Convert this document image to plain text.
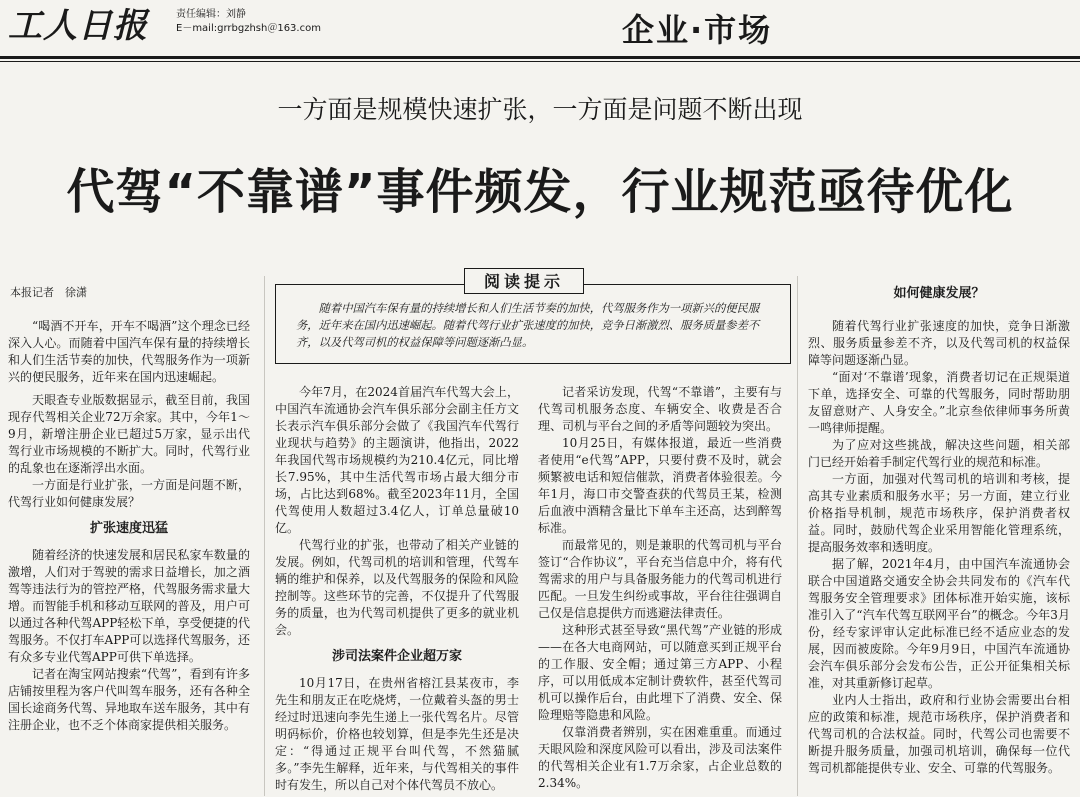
工人日报	责任编辑：刘静
E－mail:grrbgzhsh＠163.com	企业·市场
一方面是规模快速扩张，一方面是问题不断出现
代驾“不靠谱”事件频发，行业规范亟待优化
阅读提示
随着中国汽车保有量的持续增长和人们生活节奏的加快，代驾服务作为一项新兴的便民服务，近年来在国内迅速崛起。随着代驾行业扩张速度的加快，竞争日渐激烈、服务质量参差不齐，以及代驾司机的权益保障等问题逐渐凸显。
本报记者　徐潇

“喝酒不开车，开车不喝酒”这个理念已经深入人心。而随着中国汽车保有量的持续增长和人们生活节奏的加快，代驾服务作为一项新兴的便民服务，近年来在国内迅速崛起。

天眼查专业版数据显示，截至目前，我国现存代驾相关企业72万余家。其中，今年1～9月，新增注册企业已超过5万家，显示出代驾行业市场规模的不断扩大。同时，代驾行业的乱象也在逐渐浮出水面。

一方面是行业扩张，一方面是问题不断，代驾行业如何健康发展？

扩张速度迅猛

随着经济的快速发展和居民私家车数量的激增，人们对于驾驶的需求日益增长，加之酒驾等违法行为的管控严格，代驾服务需求量大增。而智能手机和移动互联网的普及，用户可以通过各种代驾APP轻松下单，享受便捷的代驾服务。不仅打车APP可以选择代驾服务，还有众多专业代驾APP可供下单选择。

记者在淘宝网站搜索“代驾”，看到有许多店铺按里程为客户代叫驾车服务，还有各种全国长途商务代驾、异地取车送车服务，其中有注册企业，也不乏个体商家提供相关服务。

今年7月，在2024首届汽车代驾大会上，中国汽车流通协会汽车俱乐部分会副主任方文长表示汽车俱乐部分会做了《我国汽车代驾行业现状与趋势》的主题演讲，他指出，2022年我国代驾市场规模约为210.4亿元，同比增长7.95%，其中生活代驾市场占最大细分市场，占比达到68%。截至2023年11月，全国代驾使用人数超过3.4亿人，订单总量破10亿。

代驾行业的扩张，也带动了相关产业链的发展。例如，代驾司机的培训和管理，代驾车辆的维护和保养，以及代驾服务的保险和风险控制等。这些环节的完善，不仅提升了代驾服务的质量，也为代驾司机提供了更多的就业机会。

涉司法案件企业超万家

10月17日，在贵州省榕江县某夜市，李先生和朋友正在吃烧烤，一位戴着头盔的男士经过时迅速向李先生递上一张代驾名片。尽管明码标价，价格也较划算，但是李先生还是决定：“得通过正规平台叫代驾，不然猫腻多。”李先生解释，近年来，与代驾相关的事件时有发生，所以自己对个体代驾员不放心。

记者采访发现，代驾“不靠谱”，主要有与代驾司机服务态度、车辆安全、收费是否合理、司机与平台之间的矛盾等问题较为突出。

10月25日，有媒体报道，最近一些消费者使用“e代驾”APP，只要付费不及时，就会频繁被电话和短信催款，消费者体验很差。今年1月，海口市交警查获的代驾员王某，检测后血液中酒精含量比下单车主还高，达到醉驾标准。

而最常见的，则是兼职的代驾司机与平台签订“合作协议”，平台充当信息中介，将有代驾需求的用户与具备服务能力的代驾司机进行匹配。一旦发生纠纷或事故，平台往往强调自己仅是信息提供方而逃避法律责任。

这种形式甚至导致“黑代驾”产业链的形成——在各大电商网站，可以随意买到正规平台的工作服、安全帽；通过第三方APP、小程序，可以用低成本定制计费软件，甚至代驾司机可以操作后台，由此埋下了消费、安全、保险理赔等隐患和风险。

仅靠消费者辨别，实在困难重重。而通过天眼风险和深度风险可以看出，涉及司法案件的代驾相关企业有1.7万余家，占企业总数的2.34%。

如何健康发展？

随着代驾行业扩张速度的加快，竞争日渐激烈、服务质量参差不齐，以及代驾司机的权益保障等问题逐渐凸显。

“面对‘不靠谱’现象，消费者切记在正规渠道下单，选择安全、可靠的代驾服务，同时帮助朋友留意财产、人身安全。”北京叁依律师事务所黄一鸣律师提醒。

为了应对这些挑战，解决这些问题，相关部门已经开始着手制定代驾行业的规范和标准。

一方面，加强对代驾司机的培训和考核，提高其专业素质和服务水平；另一方面，建立行业价格指导机制，规范市场秩序，保护消费者权益。同时，鼓励代驾企业采用智能化管理系统，提高服务效率和透明度。

据了解，2021年4月，由中国汽车流通协会联合中国道路交通安全协会共同发布的《汽车代驾服务安全管理要求》团体标准开始实施，该标准引入了“汽车代驾互联网平台”的概念。今年3月份，经专家评审认定此标准已经不适应业态的发展，因而被废除。今年9月9日，中国汽车流通协会汽车俱乐部分会发布公告，正公开征集相关标准，对其重新修订起草。

业内人士指出，政府和行业协会需要出台相应的政策和标准，规范市场秩序，保护消费者和代驾司机的合法权益。同时，代驾公司也需要不断提升服务质量，加强司机培训，确保每一位代驾司机都能提供专业、安全、可靠的代驾服务。
